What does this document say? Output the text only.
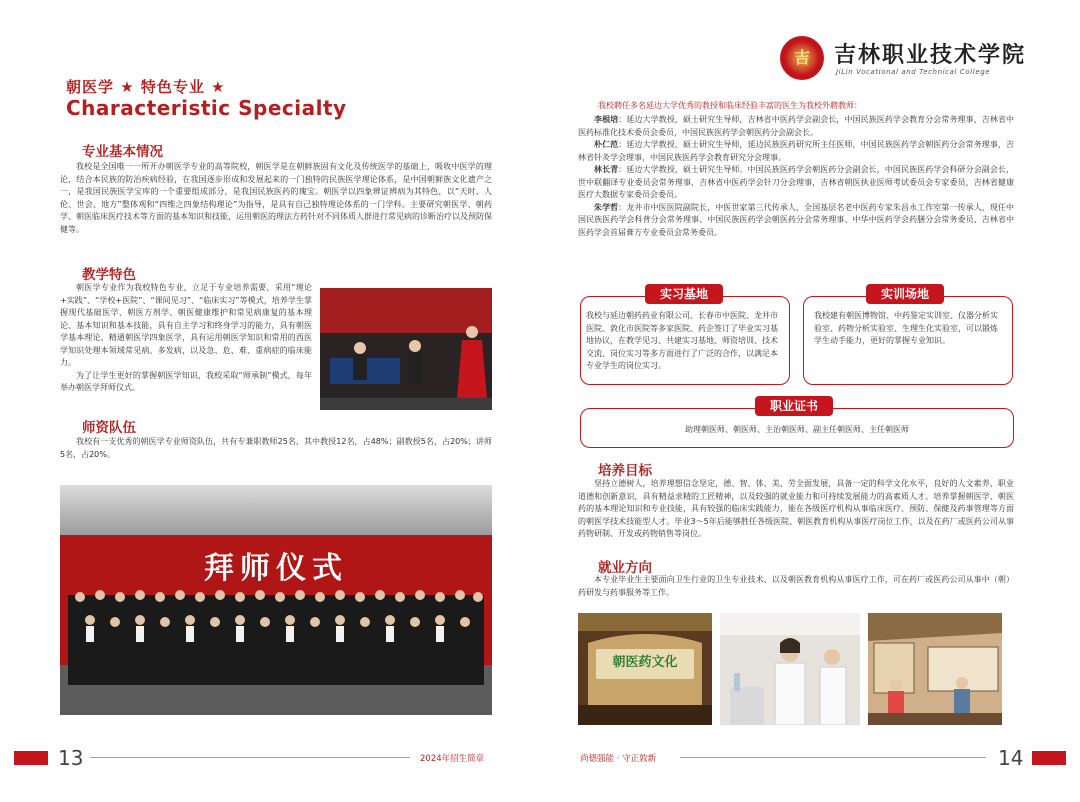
朝医学 ★ 特色专业 ★
Characteristic Specialty
专业基本情况

我校是全国唯一一所开办朝医学专业的高等院校，朝医学是在朝鲜族固有文化及传统医学的基础上，吸收中医学的理论，结合本民族的防治疾病经验，在我国逐步形成和发展起来的一门独特的民族医学理论体系，是中国朝鲜族文化遗产之一，是我国民族医学宝库的一个重要组成部分，是我国民族医药的瑰宝。朝医学以四象辨证辨病为其特色，以“天时、人伦、世会、地方”整体观和“四维之四象结构理论”为指导，是具有自己独特理论体系的一门学科。主要研究朝医学、朝药学、朝医临床医疗技术等方面的基本知识和技能，运用朝医的理法方药针对不同体质人群进行常见病的诊断治疗以及预防保健等。

教学特色

朝医学专业作为我校特色专业，立足于专业培养需要，采用“理论+实践”、“学校+医院”、“课间见习”、“临床实习”等模式，培养学生掌握现代基础医学、朝医方剂学、朝医健康维护和常见病康复的基本理论、基本知识和基本技能，具有自主学习和终身学习的能力，具有朝医学基本理论、精通朝医学四象医学，具有运用朝医学知识和常用的西医学知识处理本领域常见病、多发病，以及急、危、难、重病症的临床能力。

为了让学生更好的掌握朝医学知识，我校采取“师承制”模式，每年举办朝医学拜师仪式。

师资队伍

我校有一支优秀的朝医学专业师资队伍，共有专兼职教师25名，其中教授12名，占48%；副教授5名，占20%；讲师5名，占20%。

拜师仪式
13	2024年招生简章
吉	吉林职业技术学院
JiLin Vocational and Technical College
我校聘任多名延边大学优秀的教授和临床经验丰富的医生为我校外聘教师：

李根培：延边大学教授，硕士研究生导师，吉林省中医药学会副会长，中国民族医药学会教育分会常务理事，吉林省中医药标准化技术委员会委员，中国民族医药学会朝医药分会副会长。

朴仁范：延边大学教授，硕士研究生导师，延边民族医药研究所主任医师，中国民族医药学会朝医药分会常务理事，吉林省针灸学会理事，中国民族医药学会教育研究分会理事。

林长青：延边大学教授，硕士研究生导师。中国民族医药学会朝医药分会副会长，中国民族医药学会科研分会副会长，世中联翻译专业委员会常务理事，吉林省中医药学会针刀分会理事，吉林省朝医执业医师考试委员会专家委员，吉林省健康医疗大数据专家委员会委员。

朱学哲：龙井市中医医院副院长，中医世家第三代传承人，全国基层名老中医药专家朱昌永工作室第一传承人，现任中国民族医药学会科普分会常务理事、中国民族医药学会朝医药分会常务理事、中华中医药学会药膳分会常务委员、吉林省中医药学会首届膏方专业委员会常务委员。

实习基地
我校与延边朝药药业有限公司、长春市中医院、龙井市医院、敦化市医院等多家医院、药企签订了毕业实习基地协议，在教学见习、共建实习基地、师资培训、技术交流、岗位实习等多方面进行了广泛的合作，以满足本专业学生的岗位实习。
实训场地
我校建有朝医博物馆、中药鉴定实训室、仪器分析实验室、药物分析实验室、生理生化实验室，可以锻炼学生动手能力，更好的掌握专业知识。
职业证书
助理朝医师、朝医师、主治朝医师、副主任朝医师、主任朝医师
培养目标

坚持立德树人，培养理想信念坚定，德、智、体、美、劳全面发展，具备一定的科学文化水平，良好的人文素养、职业道德和创新意识，具有精益求精的工匠精神，以及较强的就业能力和可持续发展能力的高素质人才。培养掌握朝医学、朝医药的基本理论知识和专业技能，具有较强的临床实践能力，能在各级医疗机构从事临床医疗、预防、保健及药事管理等方面的朝医学技术技能型人才。毕业3～5年后能够胜任各级医院、朝医教育机构从事医疗岗位工作，以及在药厂或医药公司从事药物研制、开发或药物销售等岗位。

就业方向

本专业毕业生主要面向卫生行业的卫生专业技术、以及朝医教育机构从事医疗工作，可在药厂或医药公司从事中（朝）药研发与药事服务等工作。

朝医药文化
尚德强能 · 守正敦新	14
